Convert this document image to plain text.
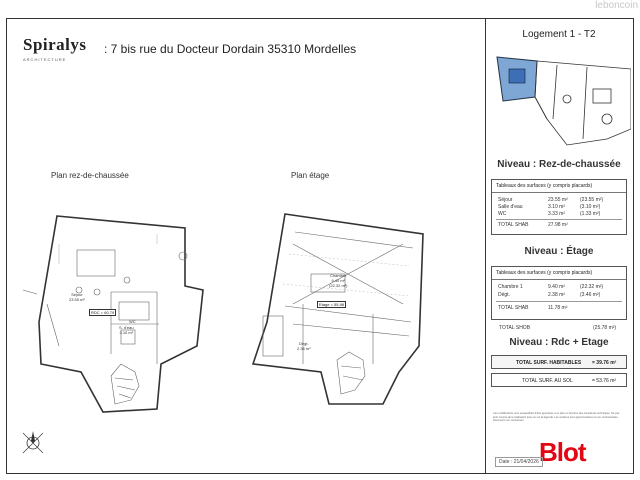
leboncoin
Spiralys
ARCHITECTURE
: 7 bis rue du Docteur Dordain 35310 Mordelles
Plan rez-de-chaussée	Plan étage
Séjour
23.55 m²
S. d'eau
3.10 m²
WC
RDC = 60.79
Chambre
9.40 m²
(22.32 m²)
Dégt.
2.38 m²
Etage = 55.98
Logement 1 - T2
Niveau : Rez-de-chaussée
Tableaux des surfaces (y compris placards)
Séjour	23.55 m² (23.55 m²)
Salle d'eau	3.10 m²	(3.10 m²)
WC	3.33 m²	(1.33 m²)
TOTAL SHAB	27.98 m²
Niveau : Étage
Tableaux des surfaces (y compris placards)
Chambre 1	9.40 m²	(22.32 m²)
Dégt.	2.38 m²	(3.46 m²)
TOTAL SHAB	11.78 m²
TOTAL SHOB	(25.78 m²)
Niveau : Rdc + Etage
TOTAL SURF. HABITABLES = 39.76 m²
TOTAL SURF. AU SOL	= 53.76 m²
Ces modifications sont susceptibles d'être apportées à ce plan en fonction des contraintes techniques. Ne pas tenir compte de la réalisation avec ou sur la légende. Les surfaces sont approximatives et non contractuelles. Document non contractuel.
Blot
Date : 21/04/2026
